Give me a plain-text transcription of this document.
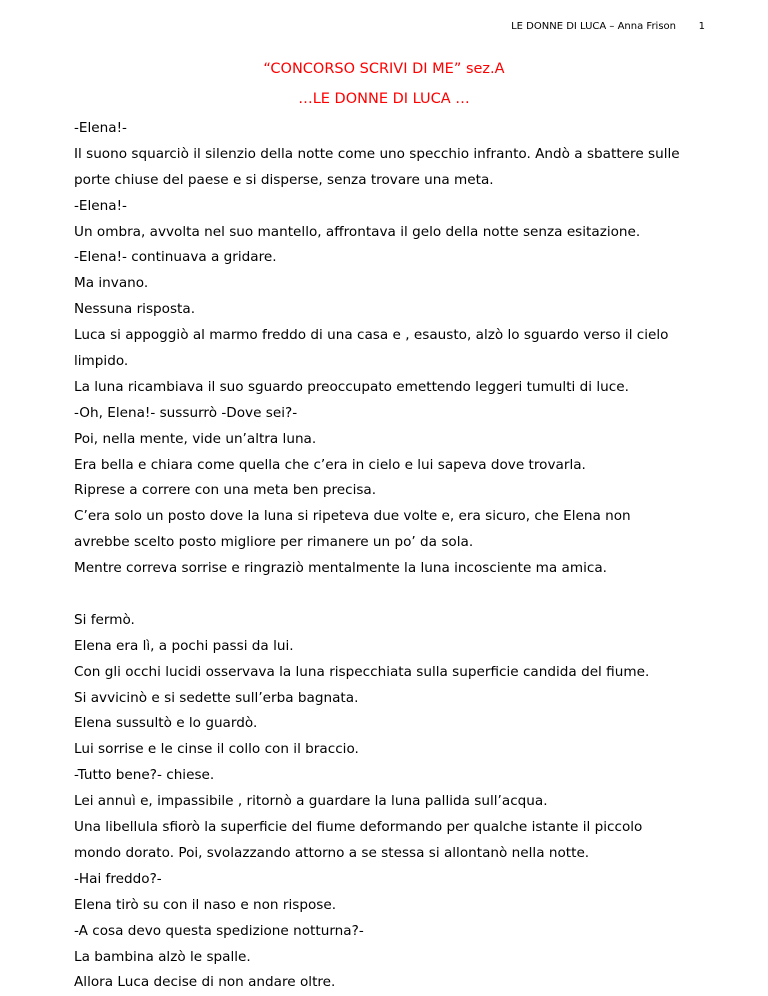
LE DONNE DI LUCA – Anna Frison 1
“CONCORSO SCRIVI DI ME” sez.A
…LE DONNE DI LUCA …
-Elena!-
Il suono squarciò il silenzio della notte come uno specchio infranto. Andò a sbattere sulle
porte chiuse del paese e si disperse, senza trovare una meta.
-Elena!-
Un ombra, avvolta nel suo mantello, affrontava il gelo della notte senza esitazione.
-Elena!- continuava a gridare.
Ma invano.
Nessuna risposta.
Luca si appoggiò al marmo freddo di una casa e , esausto, alzò lo sguardo verso il cielo
limpido.
La luna ricambiava il suo sguardo preoccupato emettendo leggeri tumulti di luce.
-Oh, Elena!- sussurrò -Dove sei?-
Poi, nella mente, vide un’altra luna.
Era bella e chiara come quella che c’era in cielo e lui sapeva dove trovarla.
Riprese a correre con una meta ben precisa.
C’era solo un posto dove la luna si ripeteva due volte e, era sicuro, che Elena non
avrebbe scelto posto migliore per rimanere un po’ da sola.
Mentre correva sorrise e ringraziò mentalmente la luna incosciente ma amica.
Si fermò.
Elena era lì, a pochi passi da lui.
Con gli occhi lucidi osservava la luna rispecchiata sulla superficie candida del fiume.
Si avvicinò e si sedette sull’erba bagnata.
Elena sussultò e lo guardò.
Lui sorrise e le cinse il collo con il braccio.
-Tutto bene?- chiese.
Lei annuì e, impassibile , ritornò a guardare la luna pallida sull’acqua.
Una libellula sfiorò la superficie del fiume deformando per qualche istante il piccolo
mondo dorato. Poi, svolazzando attorno a se stessa si allontanò nella notte.
-Hai freddo?-
Elena tirò su con il naso e non rispose.
-A cosa devo questa spedizione notturna?-
La bambina alzò le spalle.
Allora Luca decise di non andare oltre.
